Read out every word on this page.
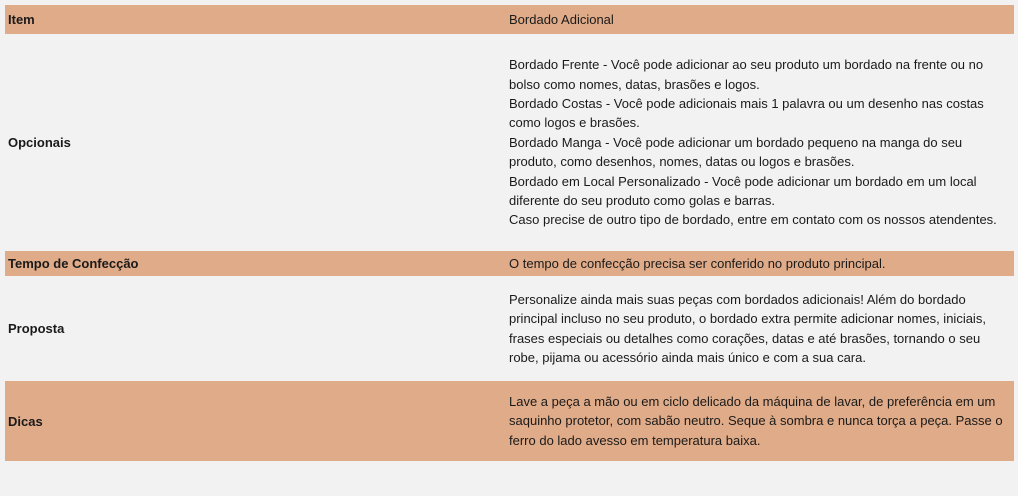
Item	Bordado Adicional
Opcionais	Bordado Frente - Você pode adicionar ao seu produto um bordado na frente ou no bolso como nomes, datas, brasões e logos.
Bordado Costas - Você pode adicionais mais 1 palavra ou um desenho nas costas como logos e brasões.
Bordado Manga - Você pode adicionar um bordado pequeno na manga do seu produto, como desenhos, nomes, datas ou logos e brasões.
Bordado em Local Personalizado - Você pode adicionar um bordado em um local diferente do seu produto como golas e barras.
Caso precise de outro tipo de bordado, entre em contato com os nossos atendentes.

Tempo de Confecção	O tempo de confecção precisa ser conferido no produto principal.
Proposta	Personalize ainda mais suas peças com bordados adicionais! Além do bordado principal incluso no seu produto, o bordado extra permite adicionar nomes, iniciais, frases especiais ou detalhes como corações, datas e até brasões, tornando o seu robe, pijama ou acessório ainda mais único e com a sua cara.
Dicas	Lave a peça a mão ou em ciclo delicado da máquina de lavar, de preferência em um saquinho protetor, com sabão neutro. Seque à sombra e nunca torça a peça. Passe o ferro do lado avesso em temperatura baixa.
